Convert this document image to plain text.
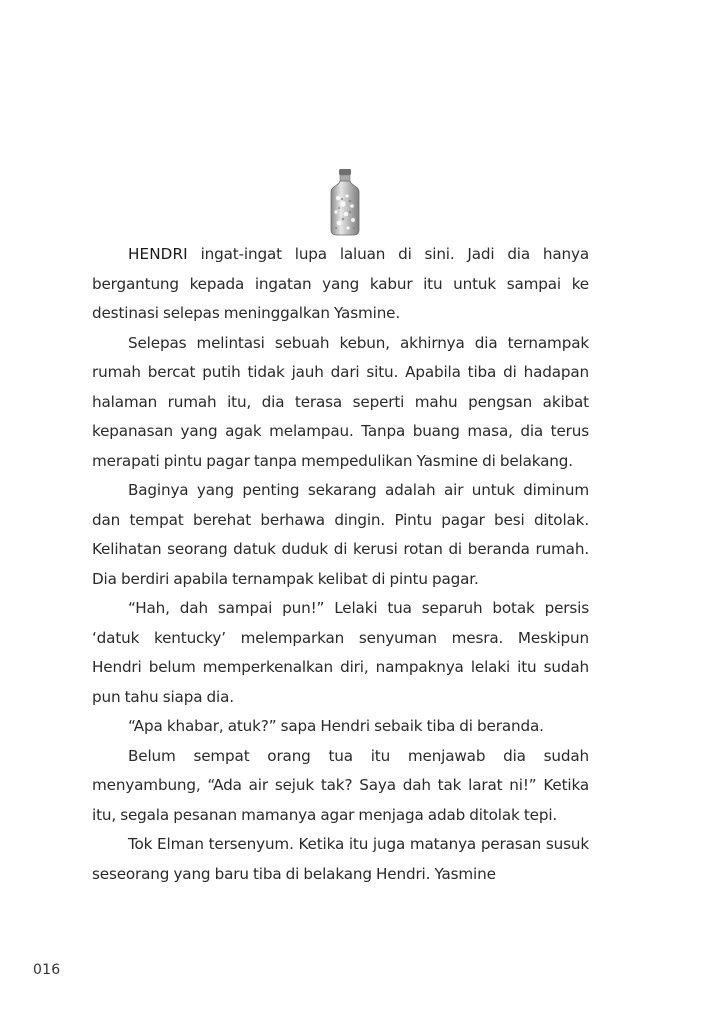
HENDRI ingat-ingat lupa laluan di sini. Jadi dia hanya bergantung kepada ingatan yang kabur itu untuk sampai ke destinasi selepas meninggalkan Yasmine.

Selepas melintasi sebuah kebun, akhirnya dia ternampak rumah bercat putih tidak jauh dari situ. Apabila tiba di hadapan halaman rumah itu, dia terasa seperti mahu pengsan akibat kepanasan yang agak melampau. Tanpa buang masa, dia terus merapati pintu pagar tanpa mempedulikan Yasmine di belakang.

Baginya yang penting sekarang adalah air untuk diminum dan tempat berehat berhawa dingin. Pintu pagar besi ditolak. Kelihatan seorang datuk duduk di kerusi rotan di beranda rumah. Dia berdiri apabila ternampak kelibat di pintu pagar.

“Hah, dah sampai pun!” Lelaki tua separuh botak persis ‘datuk kentucky’ melemparkan senyuman mesra. Meskipun Hendri belum memperkenalkan diri, nampaknya lelaki itu sudah pun tahu siapa dia.

“Apa khabar, atuk?” sapa Hendri sebaik tiba di beranda.

Belum sempat orang tua itu menjawab dia sudah menyambung, “Ada air sejuk tak? Saya dah tak larat ni!” Ketika itu, segala pesanan mamanya agar menjaga adab ditolak tepi.

Tok Elman tersenyum. Ketika itu juga matanya perasan susuk seseorang yang baru tiba di belakang Hendri. Yasmine

016
